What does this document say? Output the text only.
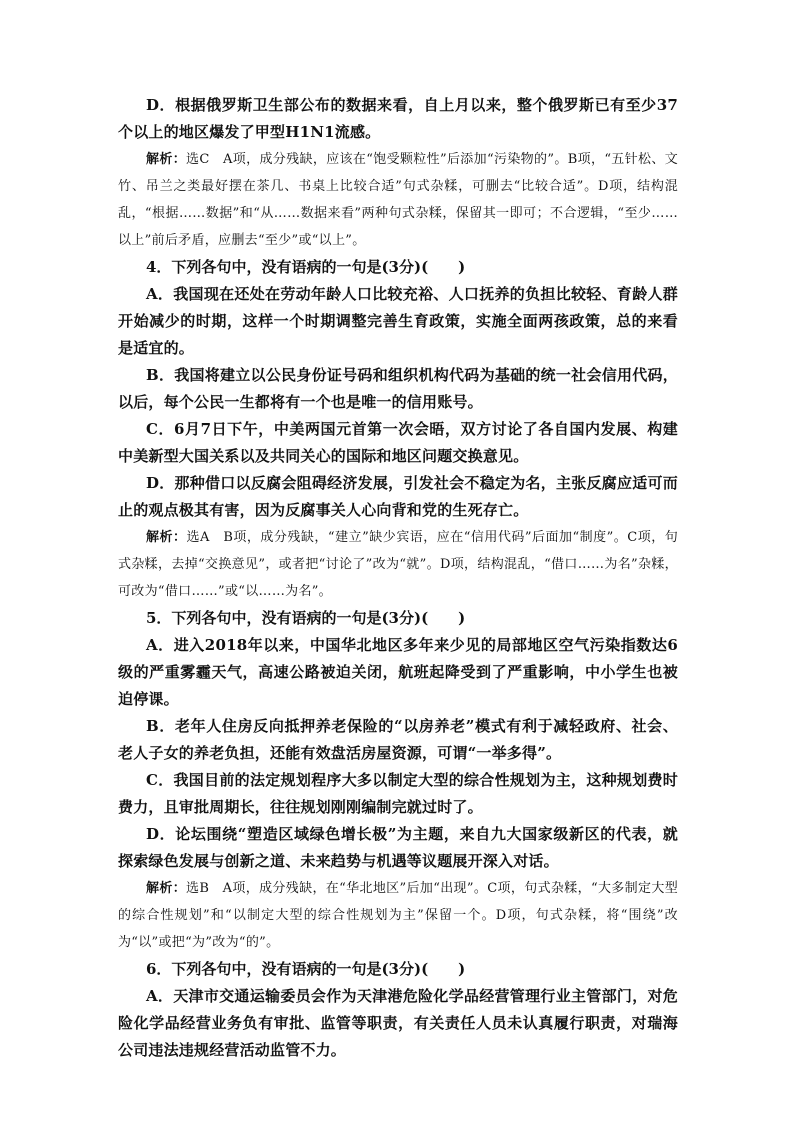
D．根据俄罗斯卫生部公布的数据来看，自上月以来，整个俄罗斯已有至少37个以上的地区爆发了甲型H1N1流感。

解析：选C　A项，成分残缺，应该在“饱受颗粒性”后添加“污染物的”。B项，“五针松、文竹、吊兰之类最好摆在茶几、书桌上比较合适”句式杂糅，可删去“比较合适”。D项，结构混乱，“根据……数据”和“从……数据来看”两种句式杂糅，保留其一即可；不合逻辑，“至少……以上”前后矛盾，应删去“至少”或“以上”。

4．下列各句中，没有语病的一句是(3分)(　　)

A．我国现在还处在劳动年龄人口比较充裕、人口抚养的负担比较轻、育龄人群开始减少的时期，这样一个时期调整完善生育政策，实施全面两孩政策，总的来看是适宜的。

B．我国将建立以公民身份证号码和组织机构代码为基础的统一社会信用代码，以后，每个公民一生都将有一个也是唯一的信用账号。

C．6月7日下午，中美两国元首第一次会晤，双方讨论了各自国内发展、构建中美新型大国关系以及共同关心的国际和地区问题交换意见。

D．那种借口以反腐会阻碍经济发展，引发社会不稳定为名，主张反腐应适可而止的观点极其有害，因为反腐事关人心向背和党的生死存亡。

解析：选A　B项，成分残缺，“建立”缺少宾语，应在“信用代码”后面加“制度”。C项，句式杂糅，去掉“交换意见”，或者把“讨论了”改为“就”。D项，结构混乱，“借口……为名”杂糅，可改为“借口……”或“以……为名”。

5．下列各句中，没有语病的一句是(3分)(　　)

A．进入2018年以来，中国华北地区多年来少见的局部地区空气污染指数达6级的严重雾霾天气，高速公路被迫关闭，航班起降受到了严重影响，中小学生也被迫停课。

B．老年人住房反向抵押养老保险的“以房养老”模式有利于减轻政府、社会、老人子女的养老负担，还能有效盘活房屋资源，可谓“一举多得”。

C．我国目前的法定规划程序大多以制定大型的综合性规划为主，这种规划费时费力，且审批周期长，往往规划刚刚编制完就过时了。

D．论坛围绕“塑造区域绿色增长极”为主题，来自九大国家级新区的代表，就探索绿色发展与创新之道、未来趋势与机遇等议题展开深入对话。

解析：选B　A项，成分残缺，在“华北地区”后加“出现”。C项，句式杂糅，“大多制定大型的综合性规划”和“以制定大型的综合性规划为主”保留一个。D项，句式杂糅，将“围绕”改为“以”或把“为”改为“的”。

6．下列各句中，没有语病的一句是(3分)(　　)

A．天津市交通运输委员会作为天津港危险化学品经营管理行业主管部门，对危险化学品经营业务负有审批、监管等职责，有关责任人员未认真履行职责，对瑞海公司违法违规经营活动监管不力。
